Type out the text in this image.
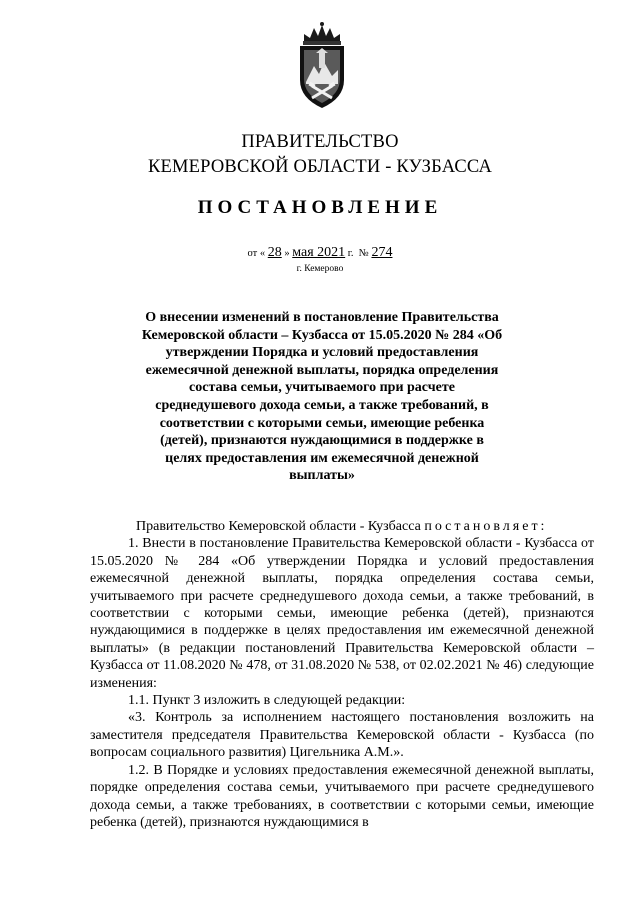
ПРАВИТЕЛЬСТВО
КЕМЕРОВСКОЙ ОБЛАСТИ - КУЗБАССА
ПОСТАНОВЛЕНИЕ
от « 28 » мая 2021 г. № 274
г. Кемерово
О внесении изменений в постановление Правительства Кемеровской области – Кузбасса от 15.05.2020 № 284 «Об утверждении Порядка и условий предоставления ежемесячной денежной выплаты, порядка определения состава семьи, учитываемого при расчете среднедушевого дохода семьи, а также требований, в соответствии с которыми семьи, имеющие ребенка (детей), признаются нуждающимися в поддержке в целях предоставления им ежемесячной денежной выплаты»

Правительство Кемеровской области - Кузбасса постановляет:

1. Внести в постановление Правительства Кемеровской области - Кузбасса от 15.05.2020 № 284 «Об утверждении Порядка и условий предоставления ежемесячной денежной выплаты, порядка определения состава семьи, учитываемого при расчете среднедушевого дохода семьи, а также требований, в соответствии с которыми семьи, имеющие ребенка (детей), признаются нуждающимися в поддержке в целях предоставления им ежемесячной денежной выплаты» (в редакции постановлений Правительства Кемеровской области – Кузбасса от 11.08.2020 № 478, от 31.08.2020 № 538, от 02.02.2021 № 46) следующие изменения:

1.1. Пункт 3 изложить в следующей редакции:

«3. Контроль за исполнением настоящего постановления возложить на заместителя председателя Правительства Кемеровской области - Кузбасса (по вопросам социального развития) Цигельника А.М.».

1.2. В Порядке и условиях предоставления ежемесячной денежной выплаты, порядке определения состава семьи, учитываемого при расчете среднедушевого дохода семьи, а также требованиях, в соответствии с которыми семьи, имеющие ребенка (детей), признаются нуждающимися в
